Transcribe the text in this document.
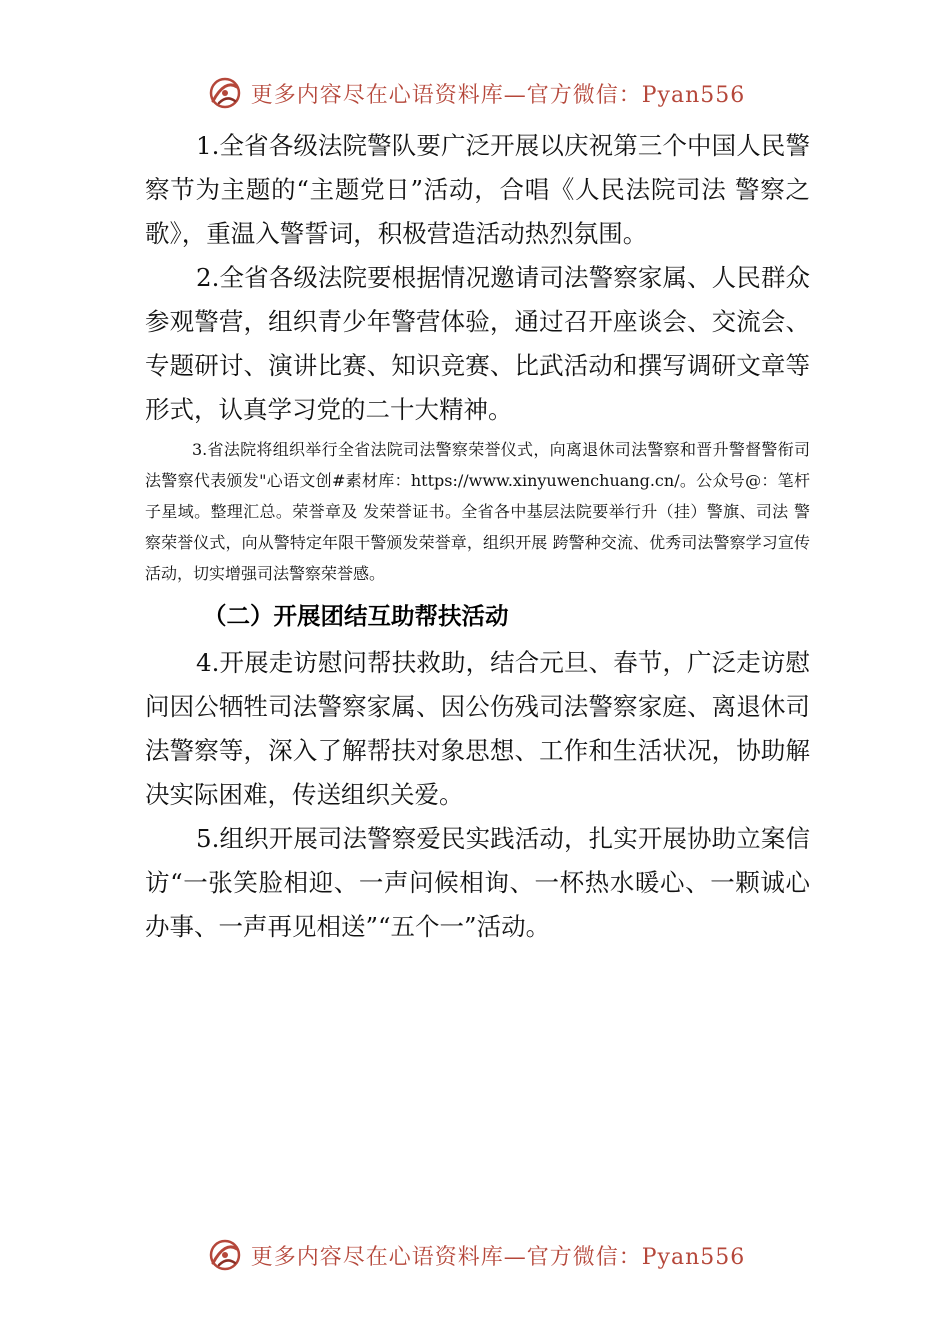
更多内容尽在心语资料库—官方微信：Pyan556

1.全省各级法院警队要广泛开展以庆祝第三个中国人民警察节为主题的“主题党日”活动，合唱《人民法院司法 警察之歌》，重温入警誓词，积极营造活动热烈氛围。

2.全省各级法院要根据情况邀请司法警察家属、人民群众参观警营，组织青少年警营体验，通过召开座谈会、交流会、专题研讨、演讲比赛、知识竞赛、比武活动和撰写调研文章等形式，认真学习党的二十大精神。

3.省法院将组织举行全省法院司法警察荣誉仪式，向离退休司法警察和晋升警督警衔司法警察代表颁发"心语文创#素材库：https://www.xinyuwenchuang.cn/。公众号@：笔杆子星域。整理汇总。荣誉章及 发荣誉证书。全省各中基层法院要举行升（挂）警旗、司法 警察荣誉仪式，向从警特定年限干警颁发荣誉章，组织开展 跨警种交流、优秀司法警察学习宣传活动，切实增强司法警察荣誉感。

（二）开展团结互助帮扶活动

4.开展走访慰问帮扶救助，结合元旦、春节，广泛走访慰问因公牺牲司法警察家属、因公伤残司法警察家庭、离退休司法警察等，深入了解帮扶对象思想、工作和生活状况，协助解决实际困难，传送组织关爱。

5.组织开展司法警察爱民实践活动，扎实开展协助立案信访“一张笑脸相迎、一声问候相询、一杯热水暖心、一颗诚心办事、一声再见相送”“五个一”活动。

更多内容尽在心语资料库—官方微信：Pyan556
